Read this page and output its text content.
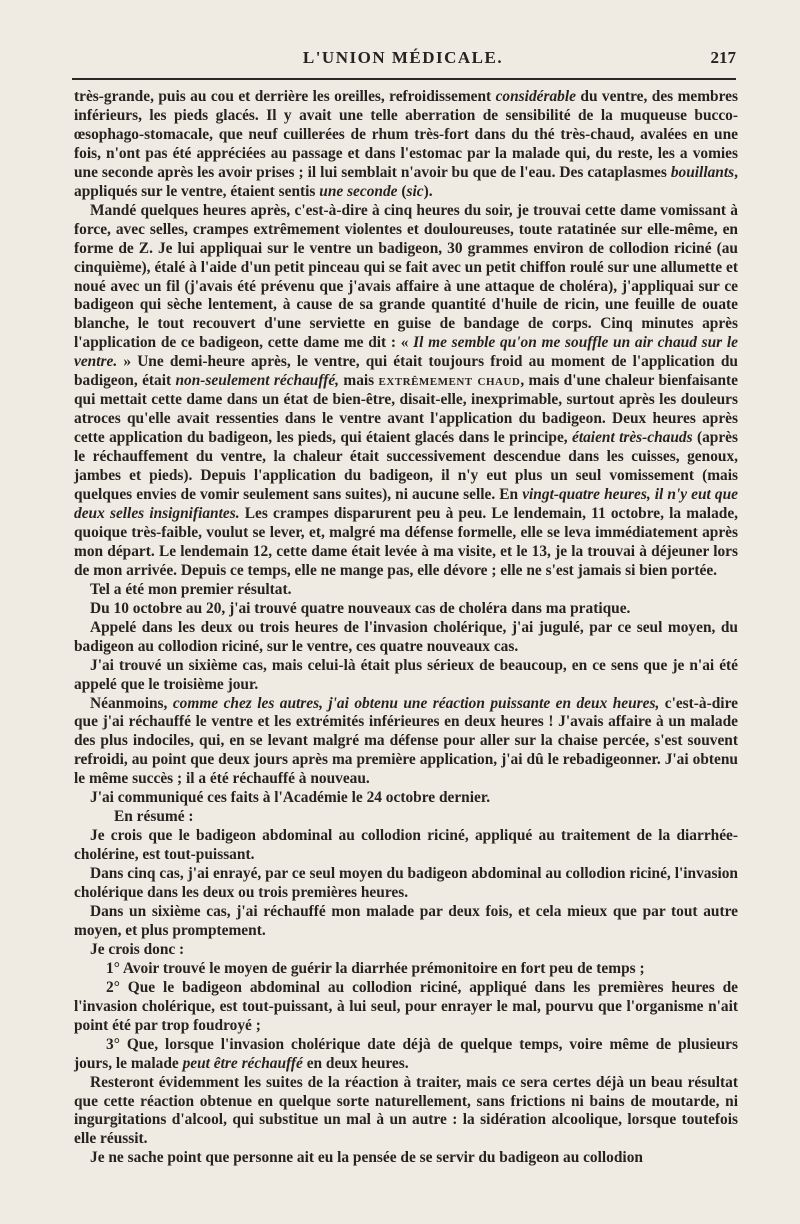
L'UNION MÉDICALE.	217

très-grande, puis au cou et derrière les oreilles, refroidissement considérable du ventre, des membres inférieurs, les pieds glacés. Il y avait une telle aberration de sensibilité de la muqueuse bucco-œsophago-stomacale, que neuf cuillerées de rhum très-fort dans du thé très-chaud, avalées en une fois, n'ont pas été appréciées au passage et dans l'estomac par la malade qui, du reste, les a vomies une seconde après les avoir prises ; il lui semblait n'avoir bu que de l'eau. Des cataplasmes bouillants, appliqués sur le ventre, étaient sentis une seconde (sic).

Mandé quelques heures après, c'est-à-dire à cinq heures du soir, je trouvai cette dame vomissant à force, avec selles, crampes extrêmement violentes et douloureuses, toute ratatinée sur elle-même, en forme de Z. Je lui appliquai sur le ventre un badigeon, 30 grammes environ de collodion riciné (au cinquième), étalé à l'aide d'un petit pinceau qui se fait avec un petit chiffon roulé sur une allumette et noué avec un fil (j'avais été prévenu que j'avais affaire à une attaque de choléra), j'appliquai sur ce badigeon qui sèche lentement, à cause de sa grande quantité d'huile de ricin, une feuille de ouate blanche, le tout recouvert d'une serviette en guise de bandage de corps. Cinq minutes après l'application de ce badigeon, cette dame me dit : « Il me semble qu'on me souffle un air chaud sur le ventre. » Une demi-heure après, le ventre, qui était toujours froid au moment de l'application du badigeon, était non-seulement réchauffé, mais extrêmement chaud, mais d'une chaleur bienfaisante qui mettait cette dame dans un état de bien-être, disait-elle, inexprimable, surtout après les douleurs atroces qu'elle avait ressenties dans le ventre avant l'application du badigeon. Deux heures après cette application du badigeon, les pieds, qui étaient glacés dans le principe, étaient très-chauds (après le réchauffement du ventre, la chaleur était successivement descendue dans les cuisses, genoux, jambes et pieds). Depuis l'application du badigeon, il n'y eut plus un seul vomissement (mais quelques envies de vomir seulement sans suites), ni aucune selle. En vingt-quatre heures, il n'y eut que deux selles insignifiantes. Les crampes disparurent peu à peu. Le lendemain, 11 octobre, la malade, quoique très-faible, voulut se lever, et, malgré ma défense formelle, elle se leva immédiatement après mon départ. Le lendemain 12, cette dame était levée à ma visite, et le 13, je la trouvai à déjeuner lors de mon arrivée. Depuis ce temps, elle ne mange pas, elle dévore ; elle ne s'est jamais si bien portée.

Tel a été mon premier résultat.

Du 10 octobre au 20, j'ai trouvé quatre nouveaux cas de choléra dans ma pratique.

Appelé dans les deux ou trois heures de l'invasion cholérique, j'ai jugulé, par ce seul moyen, du badigeon au collodion riciné, sur le ventre, ces quatre nouveaux cas.

J'ai trouvé un sixième cas, mais celui-là était plus sérieux de beaucoup, en ce sens que je n'ai été appelé que le troisième jour.

Néanmoins, comme chez les autres, j'ai obtenu une réaction puissante en deux heures, c'est-à-dire que j'ai réchauffé le ventre et les extrémités inférieures en deux heures ! J'avais affaire à un malade des plus indociles, qui, en se levant malgré ma défense pour aller sur la chaise percée, s'est souvent refroidi, au point que deux jours après ma première application, j'ai dû le rebadigeonner. J'ai obtenu le même succès ; il a été réchauffé à nouveau.

J'ai communiqué ces faits à l'Académie le 24 octobre dernier.

En résumé :

Je crois que le badigeon abdominal au collodion riciné, appliqué au traitement de la diarrhée-cholérine, est tout-puissant.

Dans cinq cas, j'ai enrayé, par ce seul moyen du badigeon abdominal au collodion riciné, l'invasion cholérique dans les deux ou trois premières heures.

Dans un sixième cas, j'ai réchauffé mon malade par deux fois, et cela mieux que par tout autre moyen, et plus promptement.

Je crois donc :

1° Avoir trouvé le moyen de guérir la diarrhée prémonitoire en fort peu de temps ;

2° Que le badigeon abdominal au collodion riciné, appliqué dans les premières heures de l'invasion cholérique, est tout-puissant, à lui seul, pour enrayer le mal, pourvu que l'organisme n'ait point été par trop foudroyé ;

3° Que, lorsque l'invasion cholérique date déjà de quelque temps, voire même de plusieurs jours, le malade peut être réchauffé en deux heures.

Resteront évidemment les suites de la réaction à traiter, mais ce sera certes déjà un beau résultat que cette réaction obtenue en quelque sorte naturellement, sans frictions ni bains de moutarde, ni ingurgitations d'alcool, qui substitue un mal à un autre : la sidération alcoolique, lorsque toutefois elle réussit.

Je ne sache point que personne ait eu la pensée de se servir du badigeon au collodion
